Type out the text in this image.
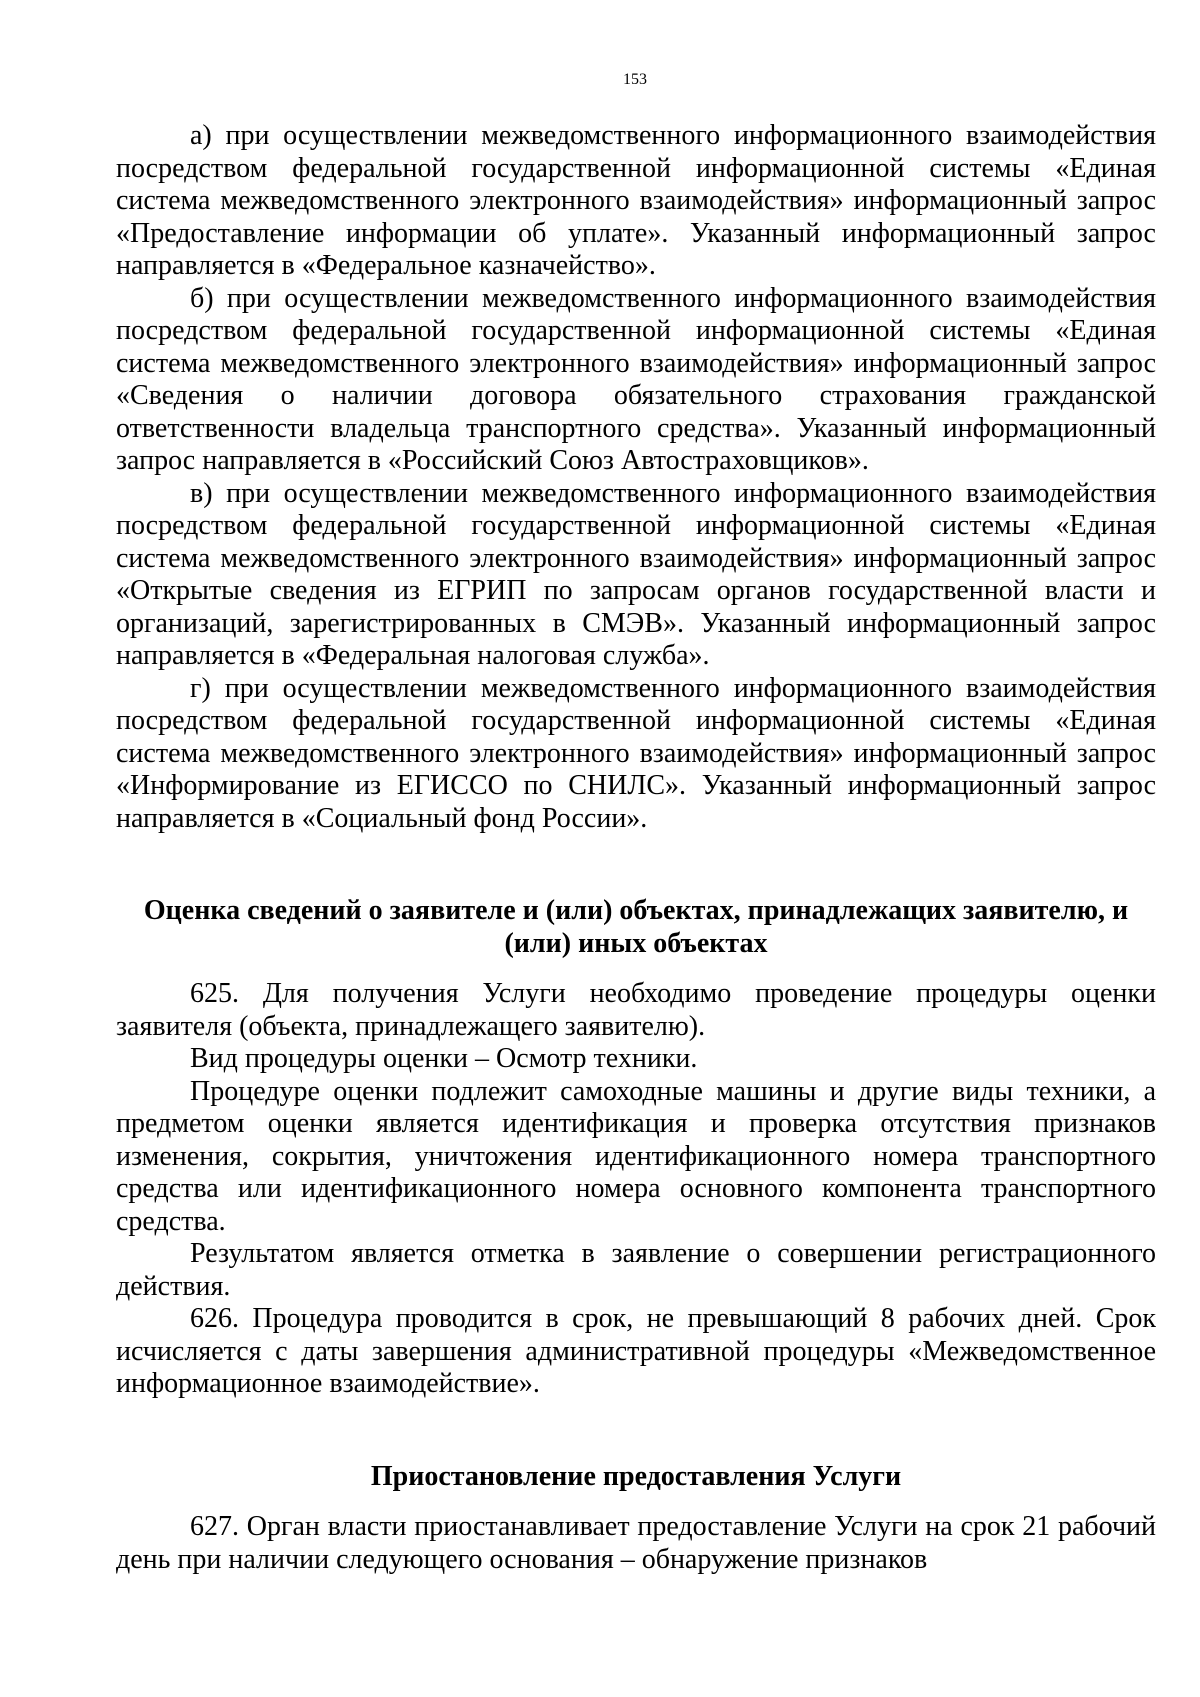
153

а) при осуществлении межведомственного информационного взаимодействия посредством федеральной государственной информационной системы «Единая система межведомственного электронного взаимодействия» информационный запрос «Предоставление информации об уплате». Указанный информационный запрос направляется в «Федеральное казначейство».

б) при осуществлении межведомственного информационного взаимодействия посредством федеральной государственной информационной системы «Единая система межведомственного электронного взаимодействия» информационный запрос «Сведения о наличии договора обязательного страхования гражданской ответственности владельца транспортного средства». Указанный информационный запрос направляется в «Российский Союз Автостраховщиков».

в) при осуществлении межведомственного информационного взаимодействия посредством федеральной государственной информационной системы «Единая система межведомственного электронного взаимодействия» информационный запрос «Открытые сведения из ЕГРИП по запросам органов государственной власти и организаций, зарегистрированных в СМЭВ». Указанный информационный запрос направляется в «Федеральная налоговая служба».

г) при осуществлении межведомственного информационного взаимодействия посредством федеральной государственной информационной системы «Единая система межведомственного электронного взаимодействия» информационный запрос «Информирование из ЕГИССО по СНИЛС». Указанный информационный запрос направляется в «Социальный фонд России».

Оценка сведений о заявителе и (или) объектах, принадлежащих заявителю, и (или) иных объектах

625. Для получения Услуги необходимо проведение процедуры оценки заявителя (объекта, принадлежащего заявителю).

Вид процедуры оценки – Осмотр техники.

Процедуре оценки подлежит самоходные машины и другие виды техники, а предметом оценки является идентификация и проверка отсутствия признаков изменения, сокрытия, уничтожения идентификационного номера транспортного средства или идентификационного номера основного компонента транспортного средства.

Результатом является отметка в заявление о совершении регистрационного действия.

626. Процедура проводится в срок, не превышающий 8 рабочих дней. Срок исчисляется с даты завершения административной процедуры «Межведомственное информационное взаимодействие».

Приостановление предоставления Услуги

627. Орган власти приостанавливает предоставление Услуги на срок 21 рабочий день при наличии следующего основания – обнаружение признаков
